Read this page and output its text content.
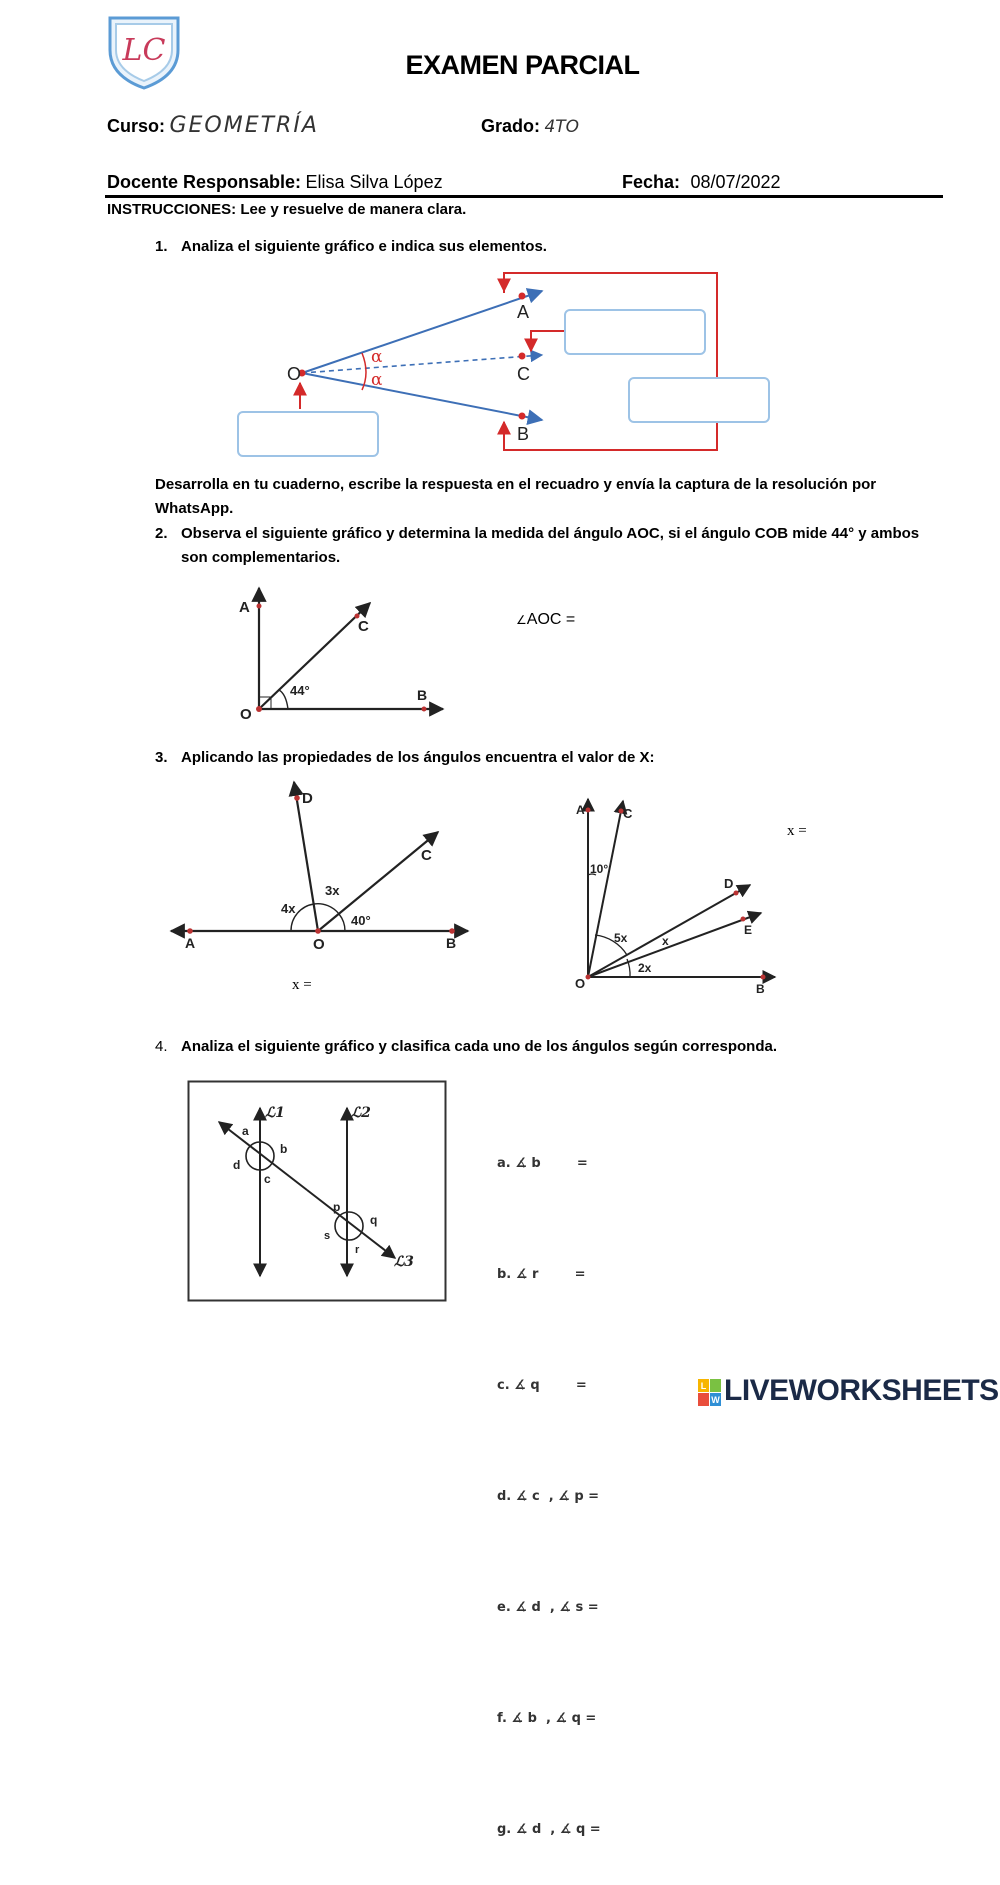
LC	EXAMEN PARCIAL
Curso: GEOMETRÍA	Grado: 4TO
Docente Responsable: Elisa Silva López	Fecha: 08/07/2022
INSTRUCCIONES: Lee y resuelve de manera clara.
1. Analiza el siguiente gráfico e indica sus elementos.
O
A
C
B
α
α
Desarrolla en tu cuaderno, escribe la respuesta en el recuadro y envía la captura de la resolución por WhatsApp.
2. Observa el siguiente gráfico y determina la medida del ángulo AOC, si el ángulo COB mide 44° y ambos son complementarios.
A
C
O
B
44°
∠AOC =
3. Aplicando las propiedades de los ángulos encuentra el valor de X:
D
C
A	O	B
4x
3x
40°
x =
A	C
D
E
O	B
10°
5x	x
2x
x =
4. Analiza el siguiente gráfico y clasifica cada uno de los ángulos según corresponda.
ℒ1	ℒ2
ℒ3
a
b
c
d
p
q
r
s

a. ∡ b        =

b. ∡ r        =

c. ∡ q        =

d. ∡ c  , ∡ p =

e. ∡ d  , ∡ s =

f. ∡ b  , ∡ q =

g. ∡ d  , ∡ q =

L
W LIVEWORKSHEETS
